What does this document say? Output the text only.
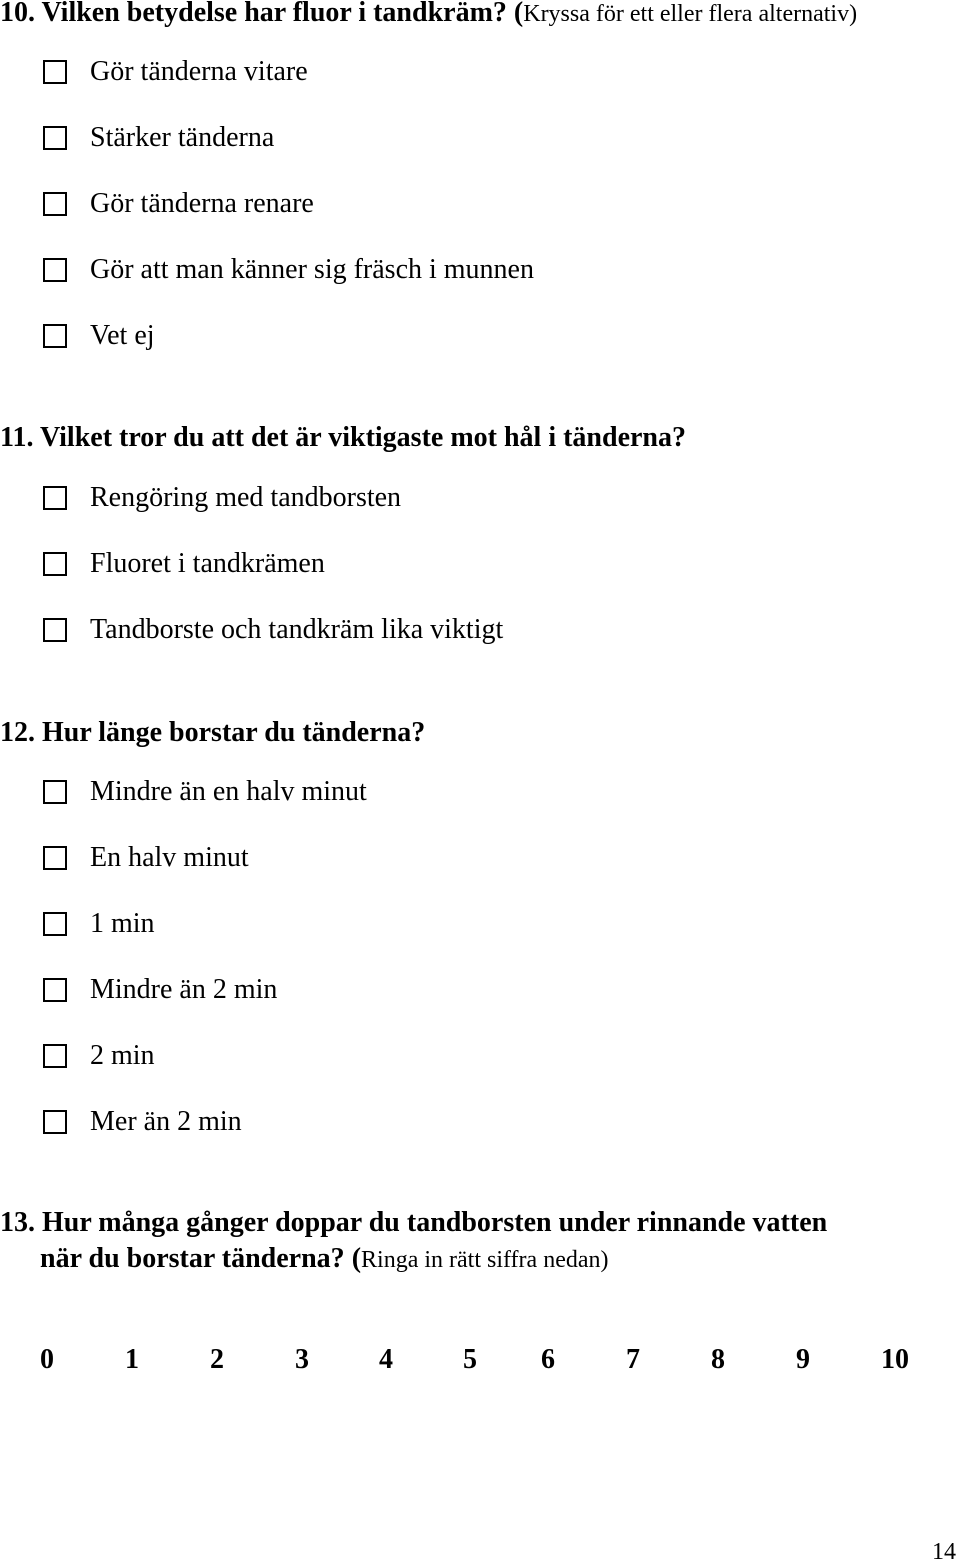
10. Vilken betydelse har fluor i tandkräm? (Kryssa för ett eller flera alternativ)
Gör tänderna vitare
Stärker tänderna
Gör tänderna renare
Gör att man känner sig fräsch i munnen
Vet ej
11. Vilket tror du att det är viktigaste mot hål i tänderna?
Rengöring med tandborsten
Fluoret i tandkrämen
Tandborste och tandkräm lika viktigt
12. Hur länge borstar du tänderna?
Mindre än en halv minut
En halv minut
1 min
Mindre än 2 min
2 min
Mer än 2 min
13. Hur många gånger doppar du tandborsten under rinnande vatten
när du borstar tänderna? (Ringa in rätt siffra nedan)
0	1	2	3	4	5 6	7	8	9	10
14
